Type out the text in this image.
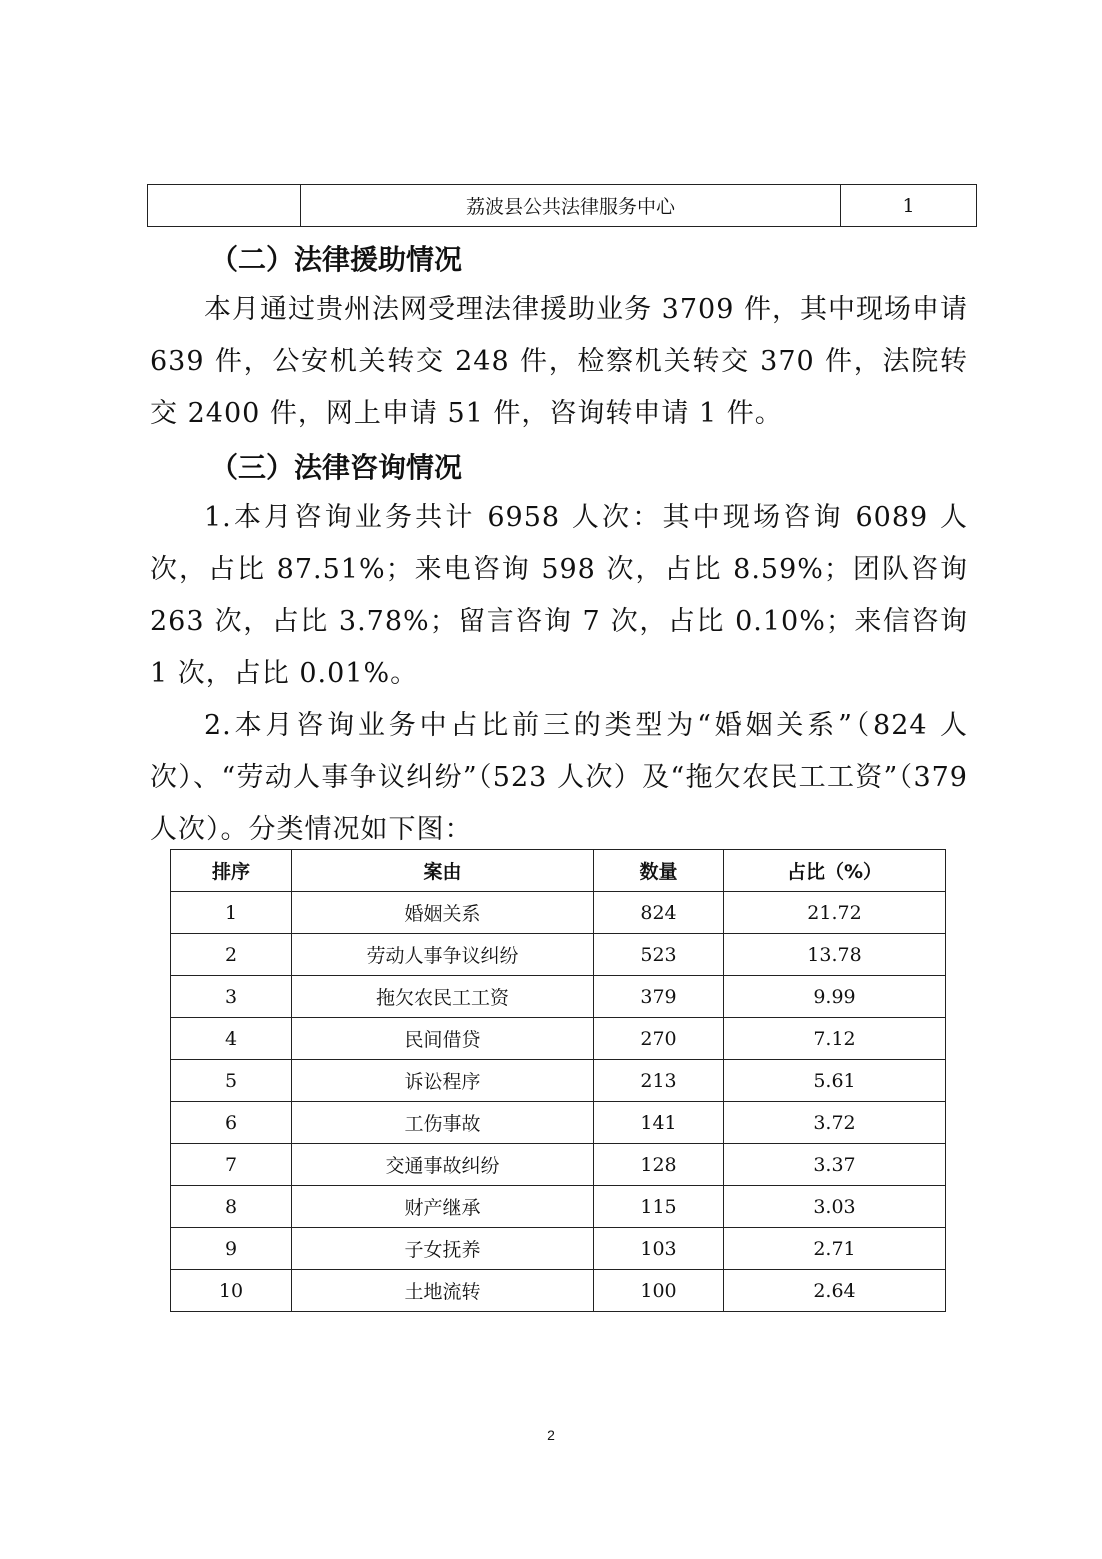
	荔波县公共法律服务中心	1
（二）法律援助情况

本月通过贵州法网受理法律援助业务 3709 件，其中现场申请 639 件，公安机关转交 248 件，检察机关转交 370 件，法院转交 2400 件，网上申请 51 件，咨询转申请 1 件。

（三）法律咨询情况

1.本月咨询业务共计 6958 人次：其中现场咨询 6089 人次，占比 87.51%；来电咨询 598 次，占比 8.59%；团队咨询 263 次，占比 3.78%；留言咨询 7 次，占比 0.10%；来信咨询 1 次，占比 0.01%。

2.本月咨询业务中占比前三的类型为“婚姻关系”（824 人次）、“劳动人事争议纠纷”（523 人次）及“拖欠农民工工资”（379 人次）。分类情况如下图：

排序	案由	数量	占比（%）
1	婚姻关系	824	21.72
2	劳动人事争议纠纷	523	13.78
3	拖欠农民工工资	379	9.99
4	民间借贷	270	7.12
5	诉讼程序	213	5.61
6	工伤事故	141	3.72
7	交通事故纠纷	128	3.37
8	财产继承	115	3.03
9	子女抚养	103	2.71
10	土地流转	100	2.64
2
